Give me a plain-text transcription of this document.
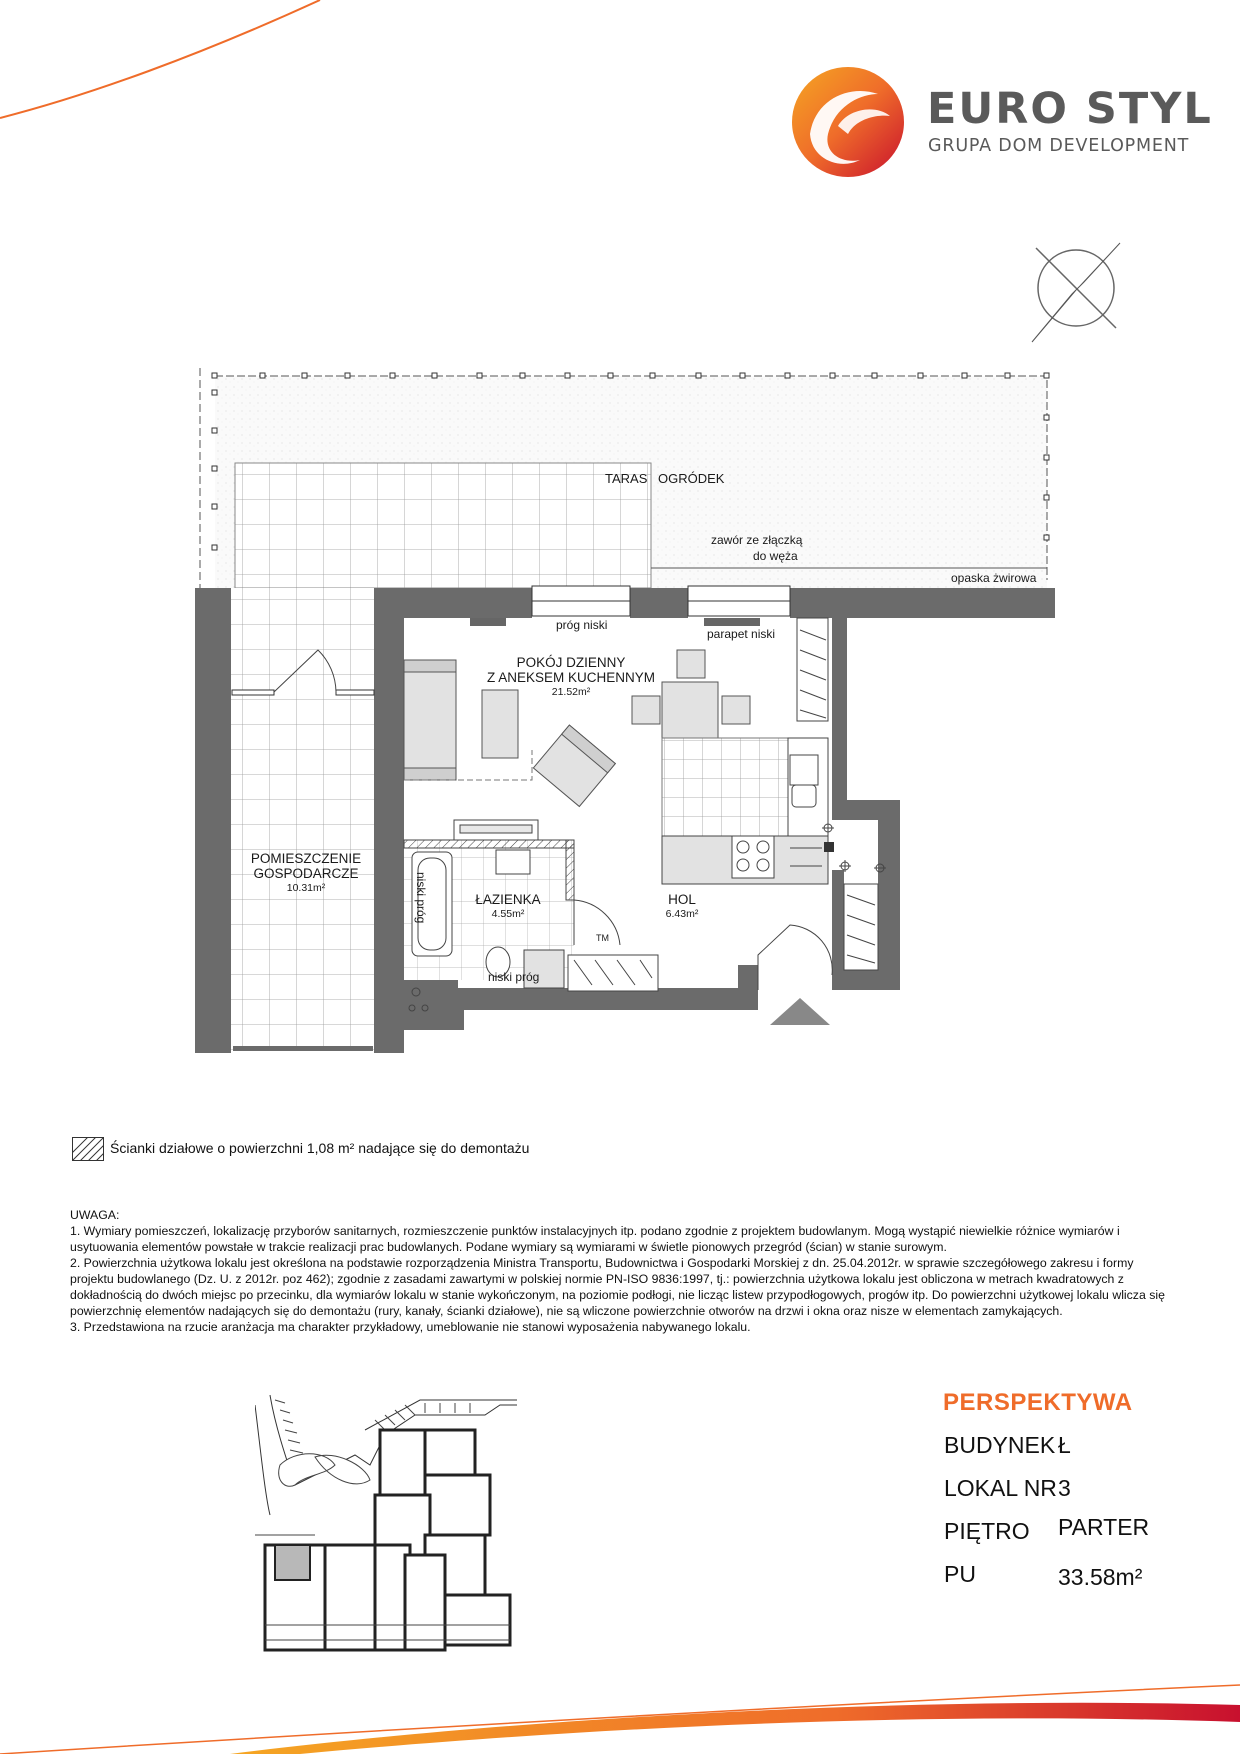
EURO STYL
GRUPA DOM DEVELOPMENT
TARAS OGRÓDEK
zawór ze złączką
do węża
opaska żwirowa
próg niski
parapet niski
niski próg
niski próg
TM
POKÓJ DZIENNY
Z ANEKSEM KUCHENNYM
21.52m²
POMIESZCZENIE
GOSPODARCZE
10.31m²
ŁAZIENKA
4.55m²
HOL
6.43m²
Ścianki działowe o powierzchni 1,08 m² nadające się do demontażu

UWAGA:

1. Wymiary pomieszczeń, lokalizację przyborów sanitarnych, rozmieszczenie punktów instalacyjnych itp. podano zgodnie z projektem budowlanym. Mogą wystąpić niewielkie różnice wymiarów i usytuowania elementów powstałe w trakcie realizacji prac budowlanych. Podane wymiary są wymiarami w świetle pionowych przegród (ścian) w stanie surowym.

2. Powierzchnia użytkowa lokalu jest określona na podstawie rozporządzenia Ministra Transportu, Budownictwa i Gospodarki Morskiej z dn. 25.04.2012r. w sprawie szczegółowego zakresu i formy projektu budowlanego (Dz. U. z 2012r. poz 462); zgodnie z zasadami zawartymi w polskiej normie PN-ISO 9836:1997, tj.: powierzchnia użytkowa lokalu jest obliczona w metrach kwadratowych z dokładnością do dwóch miejsc po przecinku, dla wymiarów lokalu w stanie wykończonym, na poziomie podłogi, nie licząc listew przypodłogowych, progów itp. Do powierzchni użytkowej lokalu wlicza się powierzchnię elementów nadających się do demontażu (rury, kanały, ścianki działowe), nie są wliczone powierzchnie otworów na drzwi i okna oraz nisze w elementach zamykających.

3. Przedstawiona na rzucie aranżacja ma charakter przykładowy, umeblowanie nie stanowi wyposażenia nabywanego lokalu.

PERSPEKTYWA
BUDYNEK Ł
LOKAL NR 3
PIĘTRO PARTER
PU	33.58m²
